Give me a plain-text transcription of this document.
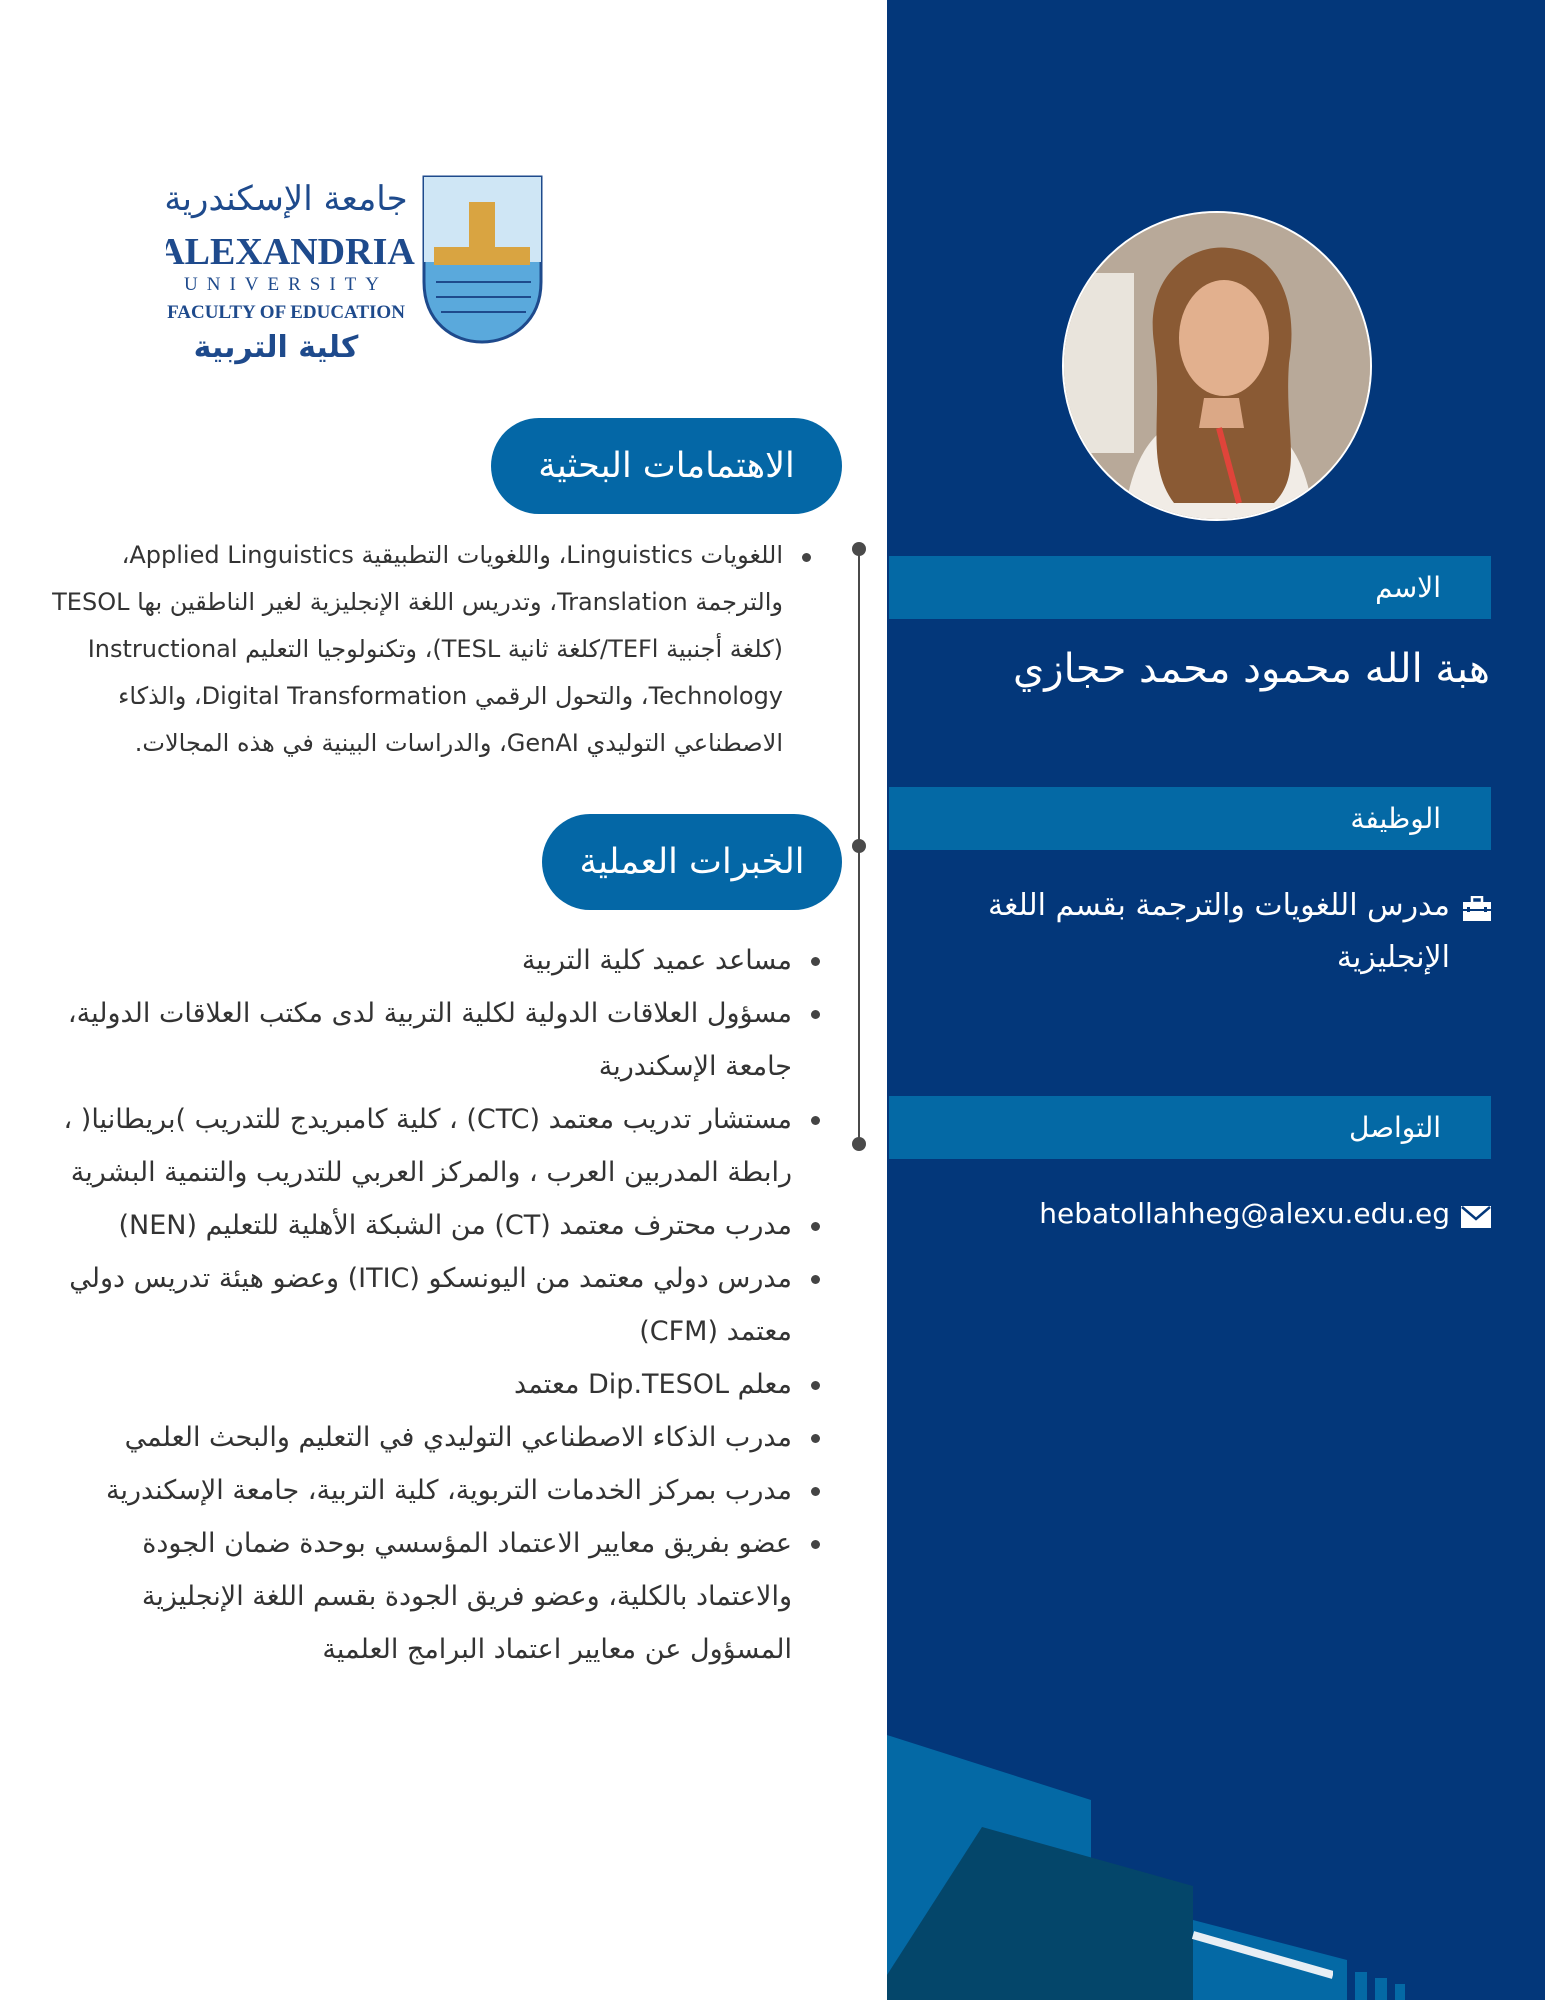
جامعة الإسكندرية
ALEXANDRIA
UNIVERSITY
FACULTY OF EDUCATION
كلية التربية
الاهتمامات البحثية
اللغويات Linguistics، واللغويات التطبيقية Applied Linguistics، والترجمة Translation، وتدريس اللغة الإنجليزية لغير الناطقين بها TESOL (كلغة أجنبية TEFl/كلغة ثانية TESL)، وتكنولوجيا التعليم Instructional Technology، والتحول الرقمي Digital Transformation، والذكاء الاصطناعي التوليدي GenAI، والدراسات البينية في هذه المجالات.
الخبرات العملية
مساعد عميد كلية التربية
مسؤول العلاقات الدولية لكلية التربية لدى مكتب العلاقات الدولية، جامعة الإسكندرية
مستشار تدريب معتمد (CTC) ، كلية كامبريدج للتدريب )بريطانيا( ، رابطة المدربين العرب ، والمركز العربي للتدريب والتنمية البشرية
مدرب محترف معتمد (CT) من الشبكة الأهلية للتعليم (NEN)
مدرس دولي معتمد من اليونسكو (ITIC) وعضو هيئة تدريس دولي معتمد (CFM)
معلم Dip.TESOL معتمد
مدرب الذكاء الاصطناعي التوليدي في التعليم والبحث العلمي
مدرب بمركز الخدمات التربوية، كلية التربية، جامعة الإسكندرية
عضو بفريق معايير الاعتماد المؤسسي بوحدة ضمان الجودة والاعتماد بالكلية، وعضو فريق الجودة بقسم اللغة الإنجليزية المسؤول عن معايير اعتماد البرامج العلمية
الاسم
هبة الله محمود محمد حجازي
الوظيفة
مدرس اللغويات والترجمة بقسم اللغة الإنجليزية
التواصل
hebatollahheg@alexu.edu.eg
